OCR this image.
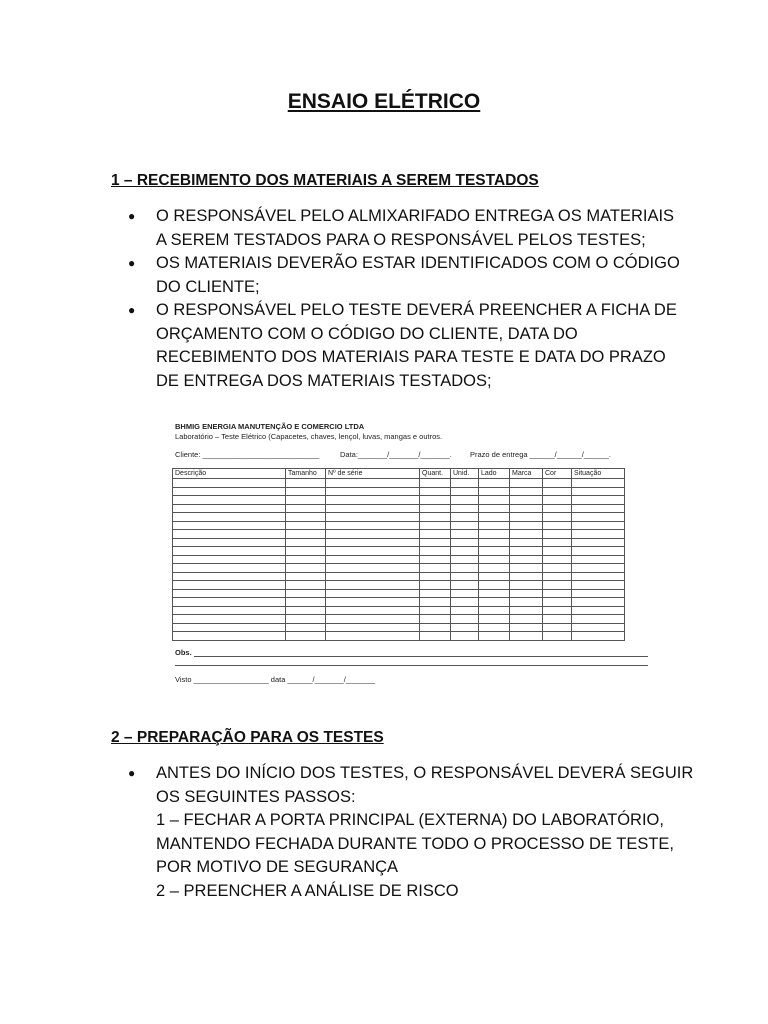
ENSAIO ELÉTRICO
1 – RECEBIMENTO DOS MATERIAIS A SEREM TESTADOS
● O RESPONSÁVEL PELO ALMIXARIFADO ENTREGA OS MATERIAIS
A SEREM TESTADOS PARA O RESPONSÁVEL PELOS TESTES;
● OS MATERIAIS DEVERÃO ESTAR IDENTIFICADOS COM O CÓDIGO
DO CLIENTE;
● O RESPONSÁVEL PELO TESTE DEVERÁ PREENCHER A FICHA DE
ORÇAMENTO COM O CÓDIGO DO CLIENTE, DATA DO
RECEBIMENTO DOS MATERIAIS PARA TESTE E DATA DO PRAZO
DE ENTREGA DOS MATERIAIS TESTADOS;
BHMIG ENERGIA MANUTENÇÃO E COMERCIO LTDA
Laboratório – Teste Elétrico (Capacetes, chaves, lençol, luvas, mangas e outros.
Cliente: ____________________________	Data:_______/_______/_______. Prazo de entrega ______/______/______.
Descrição	Tamanho	Nº de série	Quant.	Unid.	Lado	Marca	Cor	Situação

Obs.
Visto __________________ data ______/_______/_______
2 – PREPARAÇÃO PARA OS TESTES
● ANTES DO INÍCIO DOS TESTES, O RESPONSÁVEL DEVERÁ SEGUIR
OS SEGUINTES PASSOS:
1 – FECHAR A PORTA PRINCIPAL (EXTERNA) DO LABORATÓRIO,
MANTENDO FECHADA DURANTE TODO O PROCESSO DE TESTE,
POR MOTIVO DE SEGURANÇA
2 – PREENCHER A ANÁLISE DE RISCO
